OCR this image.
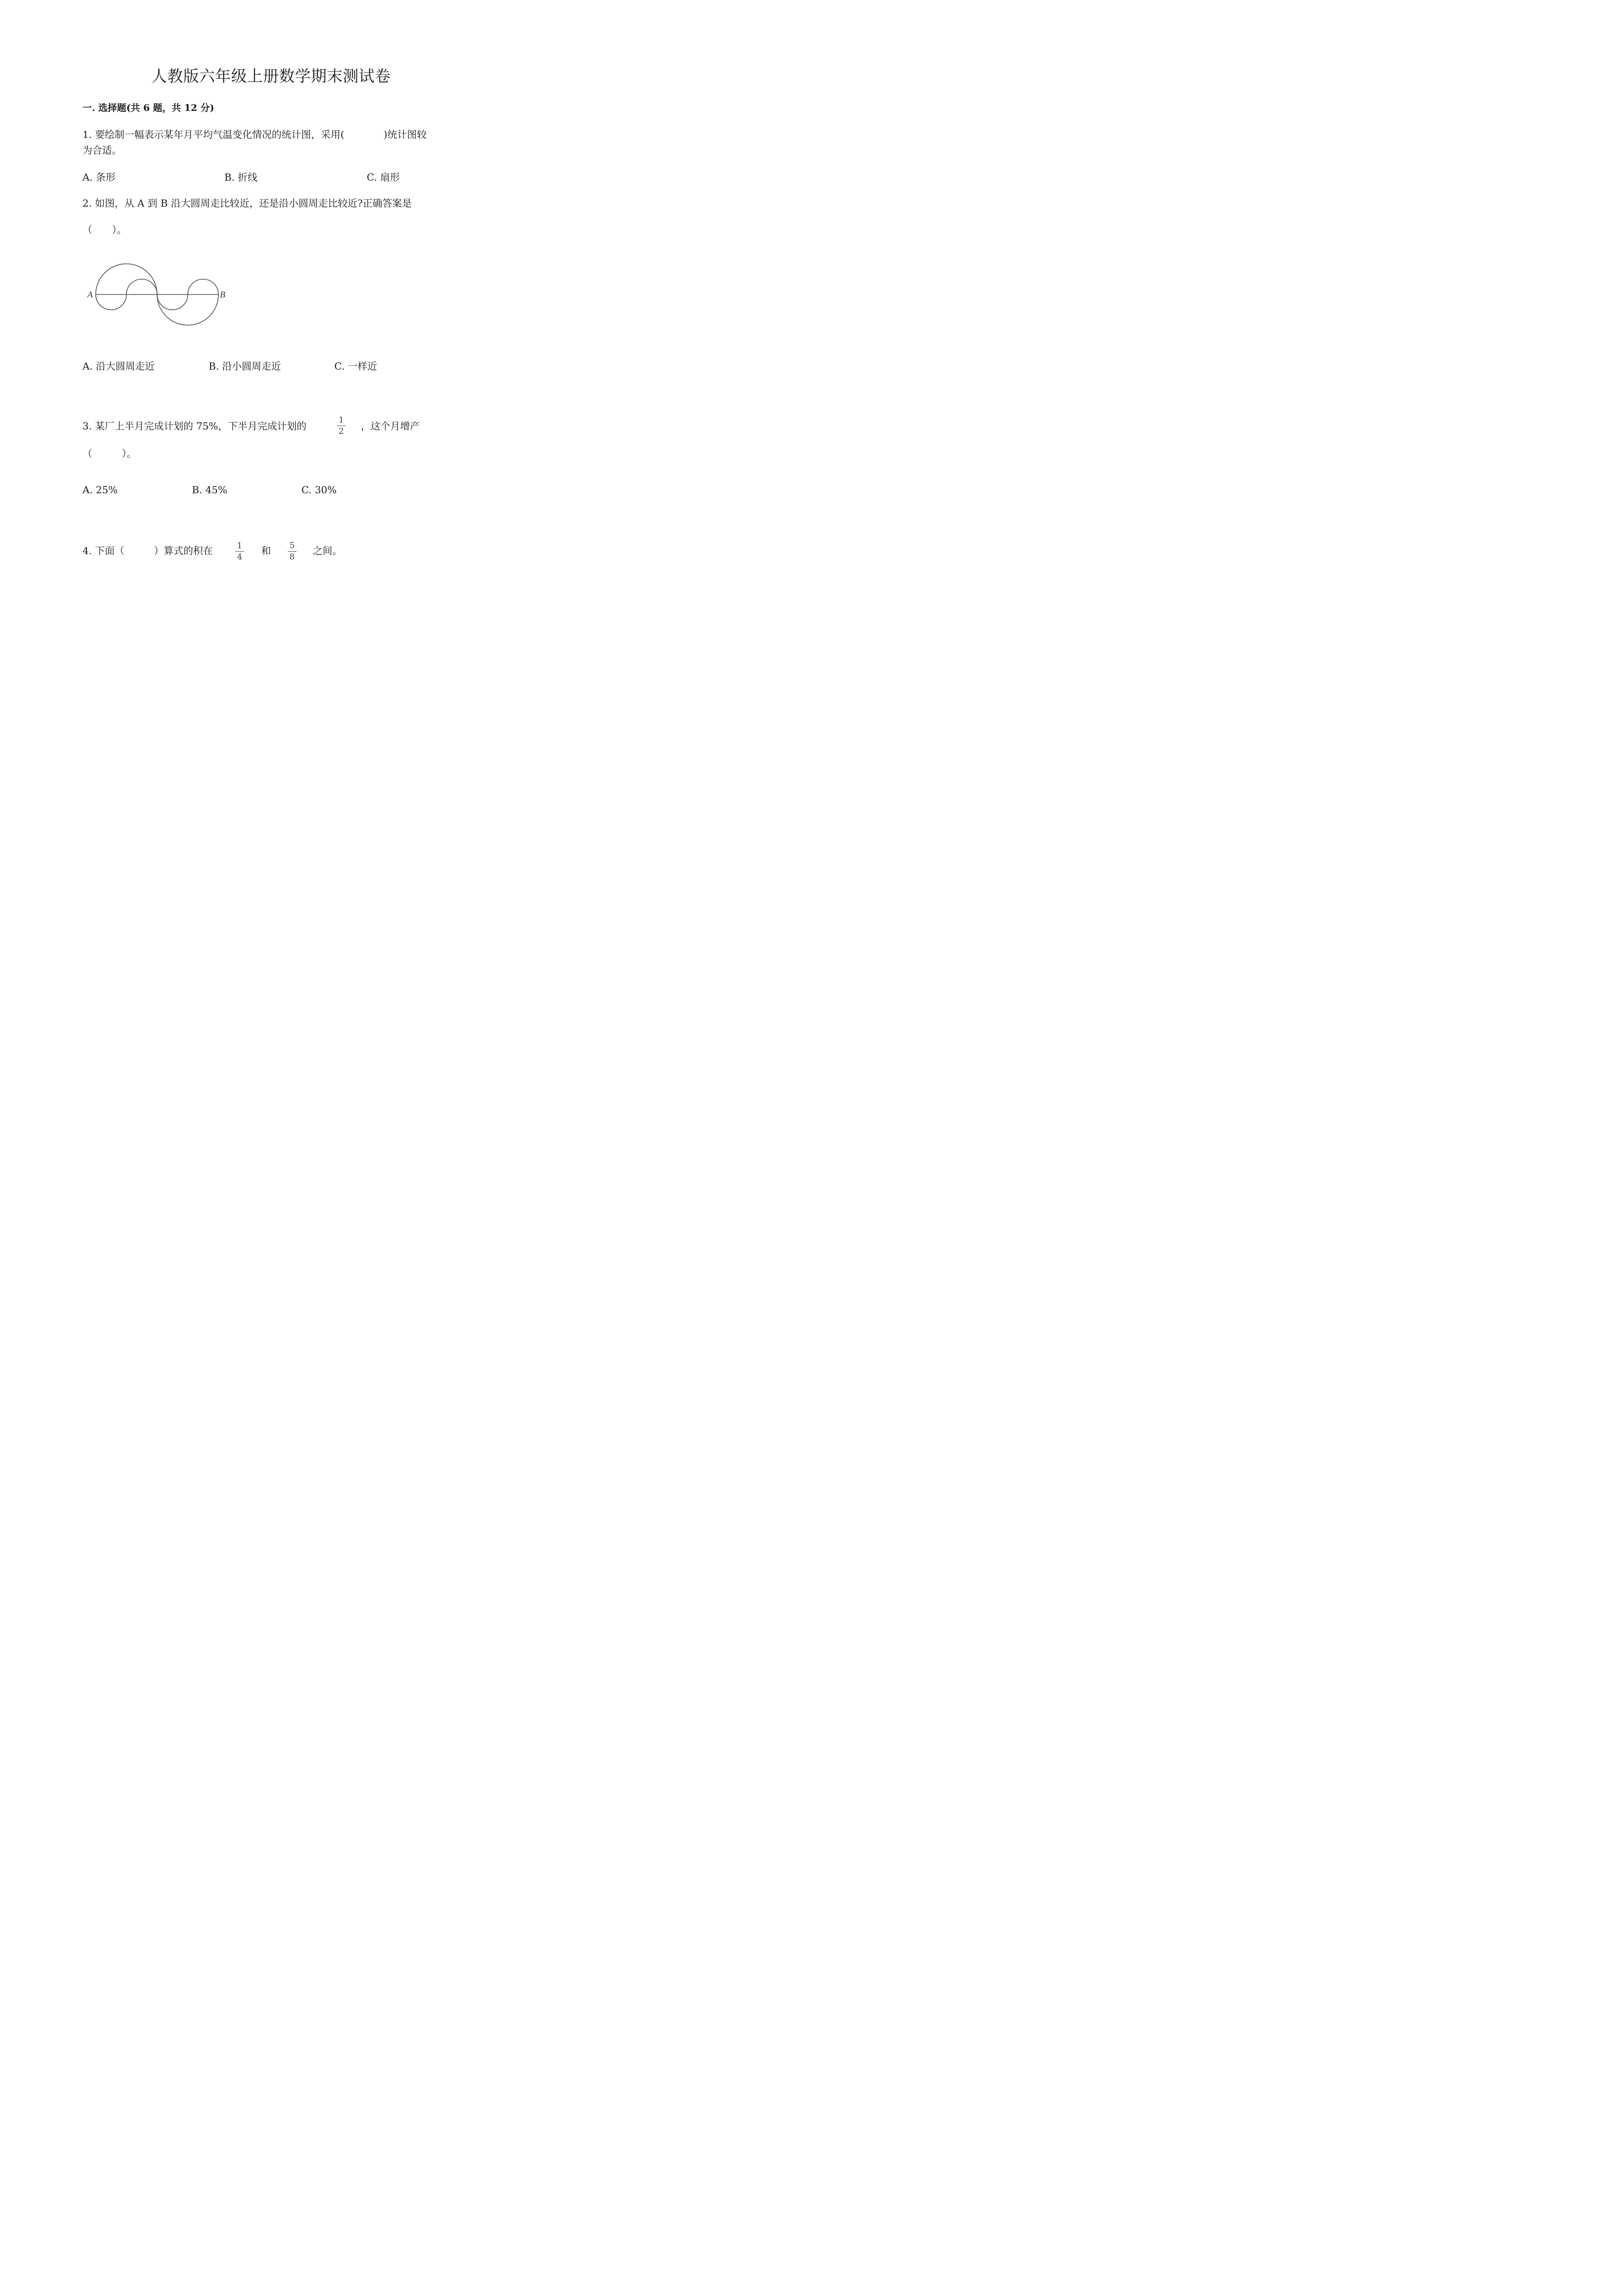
人教版六年级上册数学期末测试卷
一. 选择题(共 6 题，共 12 分)
1. 要绘制一幅表示某年月平均气温变化情况的统计图，采用(　　　　)统计图较
为合适。
A. 条形	B. 折线	C. 扇形
2. 如图，从 A 到 B 沿大圆周走比较近，还是沿小圆周走比较近?正确答案是
（　　）。
A	B
A. 沿大圆周走近	B. 沿小圆周走近	C. 一样近
3. 某厂上半月完成计划的 75%，下半月完成计划的	1
2	，这个月增产
（　　　）。
A. 25%	B. 45%	C. 30%
4. 下面（　　　）算式的积在	1
4
和	5
8
之间。
